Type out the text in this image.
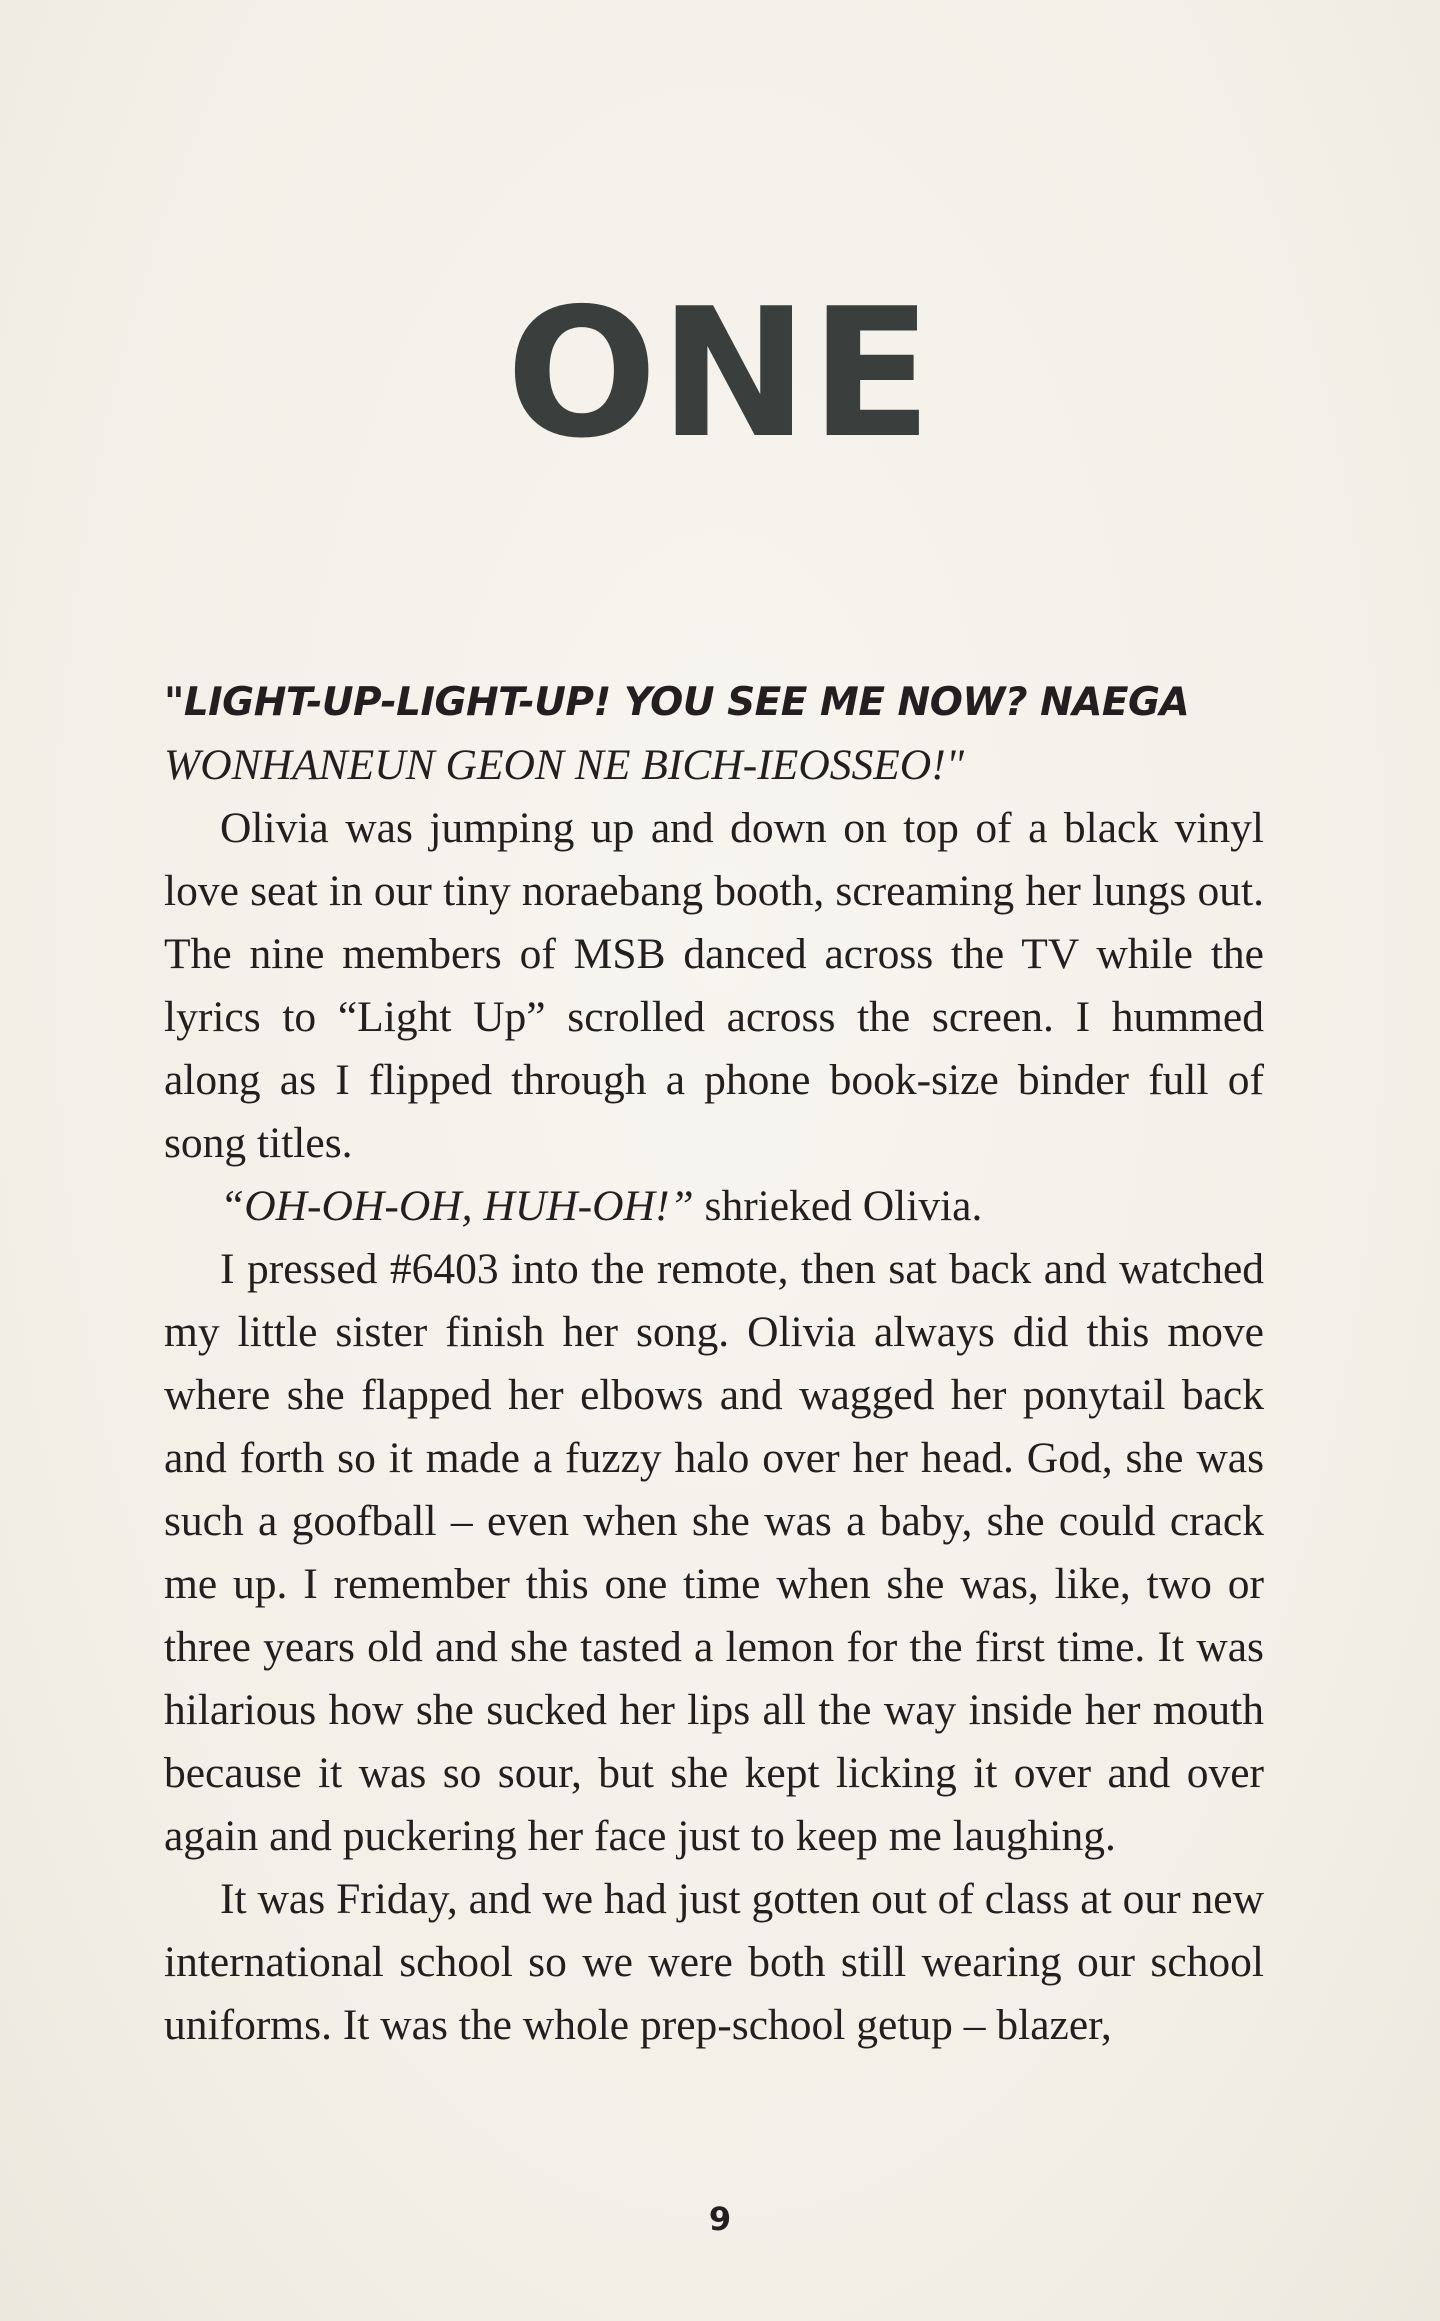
ONE

"LIGHT-UP-LIGHT-UP! YOU SEE ME NOW? NAEGA
WONHANEUN GEON NE BICH-IEOSSEO!"

Olivia was jumping up and down on top of a black vinyl love seat in our tiny noraebang booth, screaming her lungs out. The nine members of MSB danced across the TV while the lyrics to “Light Up” scrolled across the screen. I hummed along as I flipped through a phone book-size binder full of song titles.

“OH-OH-OH, HUH-OH!” shrieked Olivia.

I pressed #6403 into the remote, then sat back and watched my little sister finish her song. Olivia always did this move where she flapped her elbows and wagged her ponytail back and forth so it made a fuzzy halo over her head. God, she was such a goofball – even when she was a baby, she could crack me up. I remember this one time when she was, like, two or three years old and she tasted a lemon for the first time. It was hilarious how she sucked her lips all the way inside her mouth because it was so sour, but she kept licking it over and over again and puckering her face just to keep me laughing.

It was Friday, and we had just gotten out of class at our new international school so we were both still wearing our school uniforms. It was the whole prep-school getup – blazer,

9
